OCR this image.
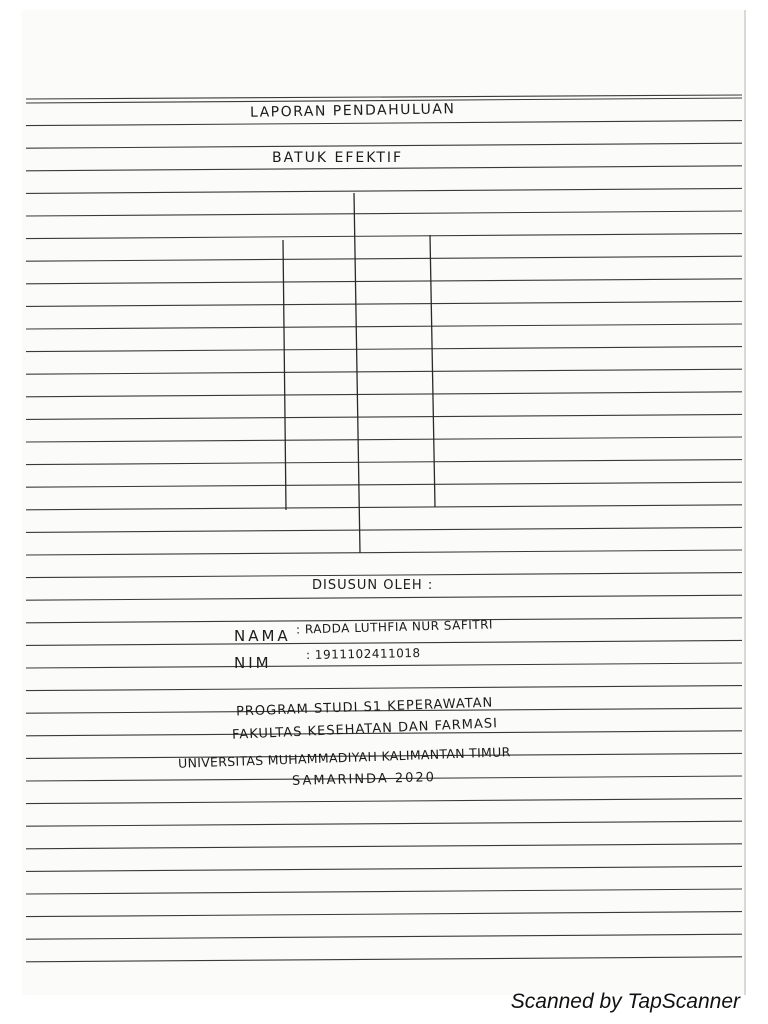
LAPORAN PENDAHULUAN
BATUK EFEKTIF
DISUSUN OLEH :
NAMA : RADDA LUTHFIA NUR SAFITRI
NIM	: 1911102411018
PROGRAM STUDI S1 KEPERAWATAN
FAKULTAS KESEHATAN DAN FARMASI
UNIVERSITAS MUHAMMADIYAH KALIMANTAN TIMUR
SAMARINDA 2020
Scanned by TapScanner
